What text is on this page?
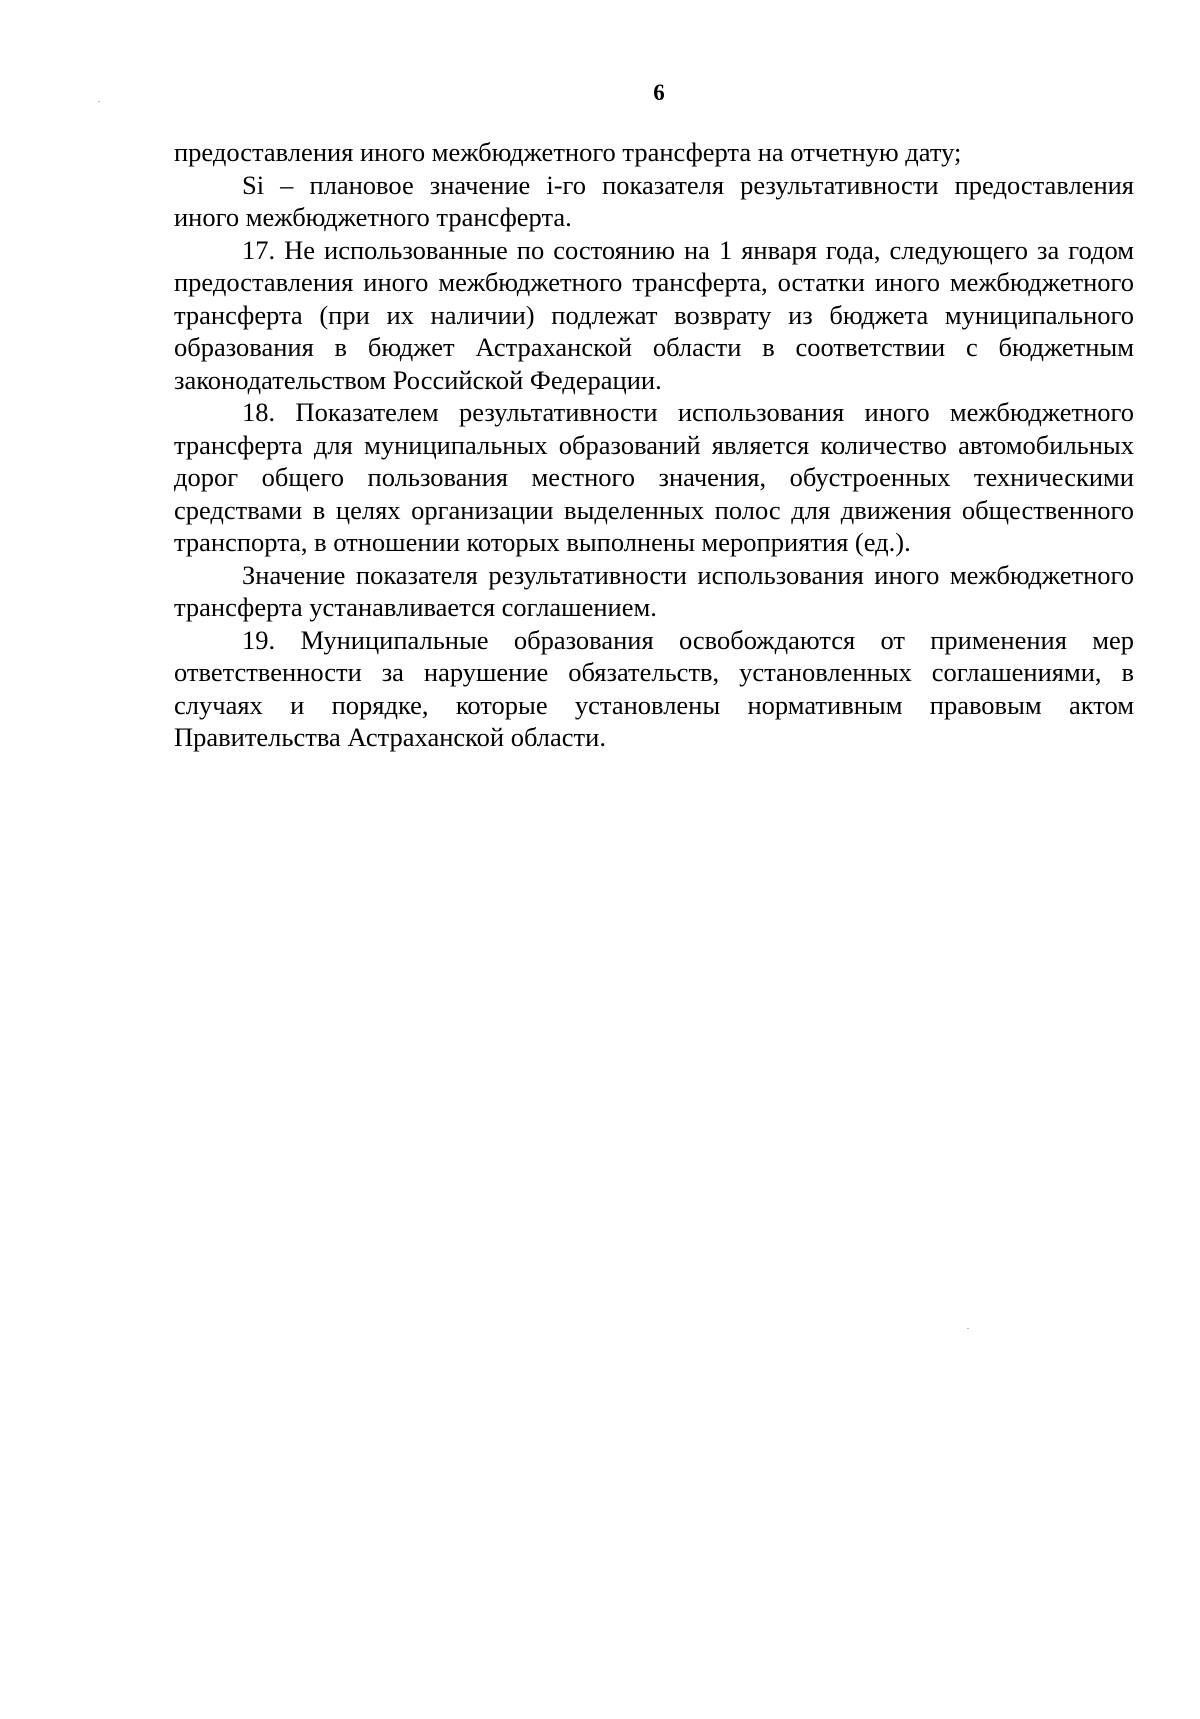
6

предоставления иного межбюджетного трансферта на отчетную дату;

Si – плановое значение i-го показателя результативности предоставления иного межбюджетного трансферта.

17. Не использованные по состоянию на 1 января года, следующего за годом предоставления иного межбюджетного трансферта, остатки иного межбюджетного трансферта (при их наличии) подлежат возврату из бюджета муниципального образования в бюджет Астраханской области в соответствии с бюджетным законодательством Российской Федерации.

18. Показателем результативности использования иного межбюджетного трансферта для муниципальных образований является количество автомобильных дорог общего пользования местного значения, обустроенных техническими средствами в целях организации выделенных полос для движения общественного транспорта, в отношении которых выполнены мероприятия (ед.).

Значение показателя результативности использования иного межбюджетного трансферта устанавливается соглашением.

19. Муниципальные образования освобождаются от применения мер ответственности за нарушение обязательств, установленных соглашениями, в случаях и порядке, которые установлены нормативным правовым актом Правительства Астраханской области.
